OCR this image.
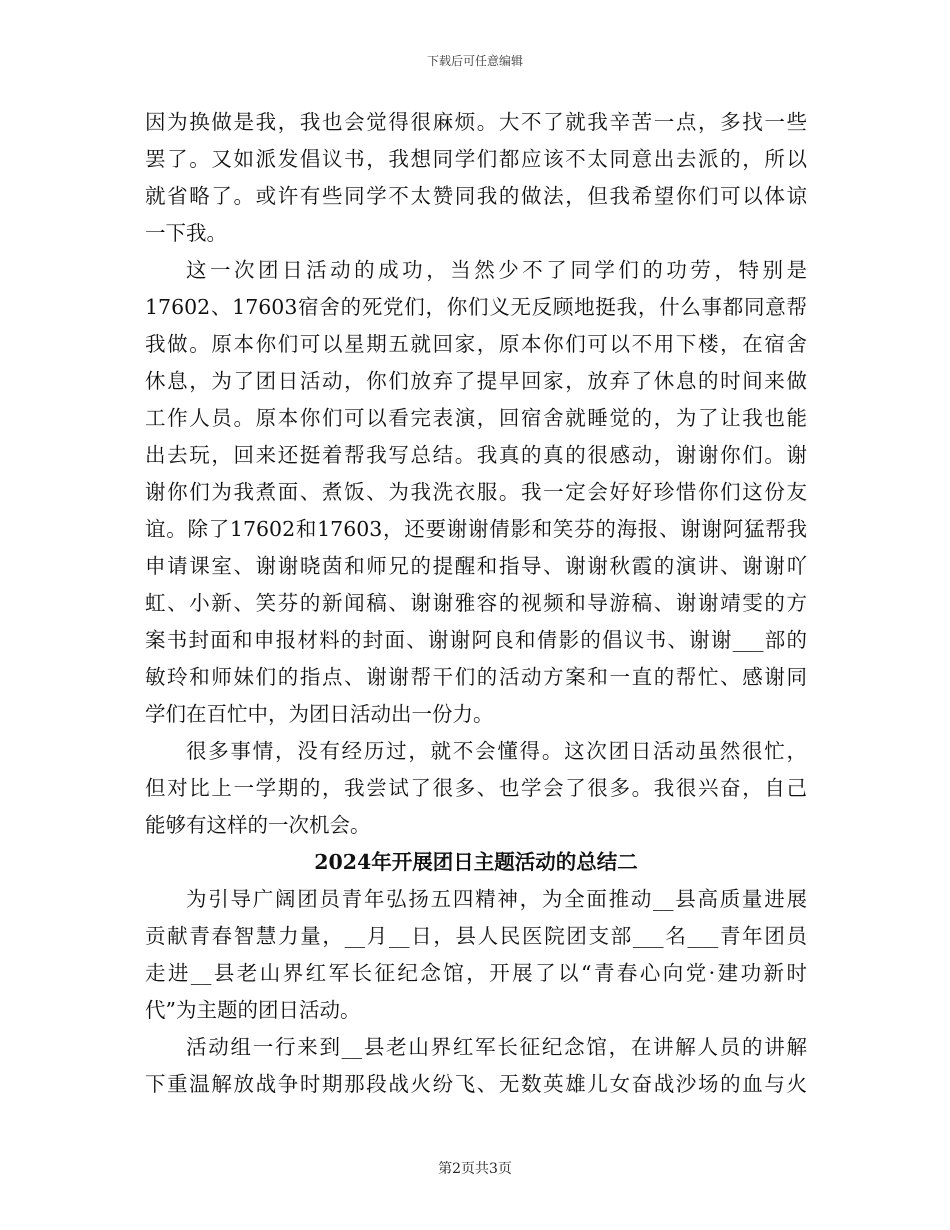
下载后可任意编辑
因为换做是我，我也会觉得很麻烦。大不了就我辛苦一点，多找一些
罢了。又如派发倡议书，我想同学们都应该不太同意出去派的，所以
就省略了。或许有些同学不太赞同我的做法，但我希望你们可以体谅
一下我。
这一次团日活动的成功，当然少不了同学们的功劳，特别是
17602、17603宿舍的死党们，你们义无反顾地挺我，什么事都同意帮
我做。原本你们可以星期五就回家，原本你们可以不用下楼，在宿舍
休息，为了团日活动，你们放弃了提早回家，放弃了休息的时间来做
工作人员。原本你们可以看完表演，回宿舍就睡觉的，为了让我也能
出去玩，回来还挺着帮我写总结。我真的真的很感动，谢谢你们。谢
谢你们为我煮面、煮饭、为我洗衣服。我一定会好好珍惜你们这份友
谊。除了17602和17603，还要谢谢倩影和笑芬的海报、谢谢阿猛帮我
申请课室、谢谢晓茵和师兄的提醒和指导、谢谢秋霞的演讲、谢谢吖
虹、小新、笑芬的新闻稿、谢谢雅容的视频和导游稿、谢谢靖雯的方
案书封面和申报材料的封面、谢谢阿良和倩影的倡议书、谢谢___部的
敏玲和师妹们的指点、谢谢帮干们的活动方案和一直的帮忙、感谢同
学们在百忙中，为团日活动出一份力。
很多事情，没有经历过，就不会懂得。这次团日活动虽然很忙，
但对比上一学期的，我尝试了很多、也学会了很多。我很兴奋，自己
能够有这样的一次机会。
2024年开展团日主题活动的总结二
为引导广阔团员青年弘扬五四精神，为全面推动__县高质量进展
贡献青春智慧力量，__月__日，县人民医院团支部___名___青年团员
走进__县老山界红军长征纪念馆，开展了以“青春心向党·建功新时
代”为主题的团日活动。
活动组一行来到__县老山界红军长征纪念馆，在讲解人员的讲解
下重温解放战争时期那段战火纷飞、无数英雄儿女奋战沙场的血与火
第2页共3页
